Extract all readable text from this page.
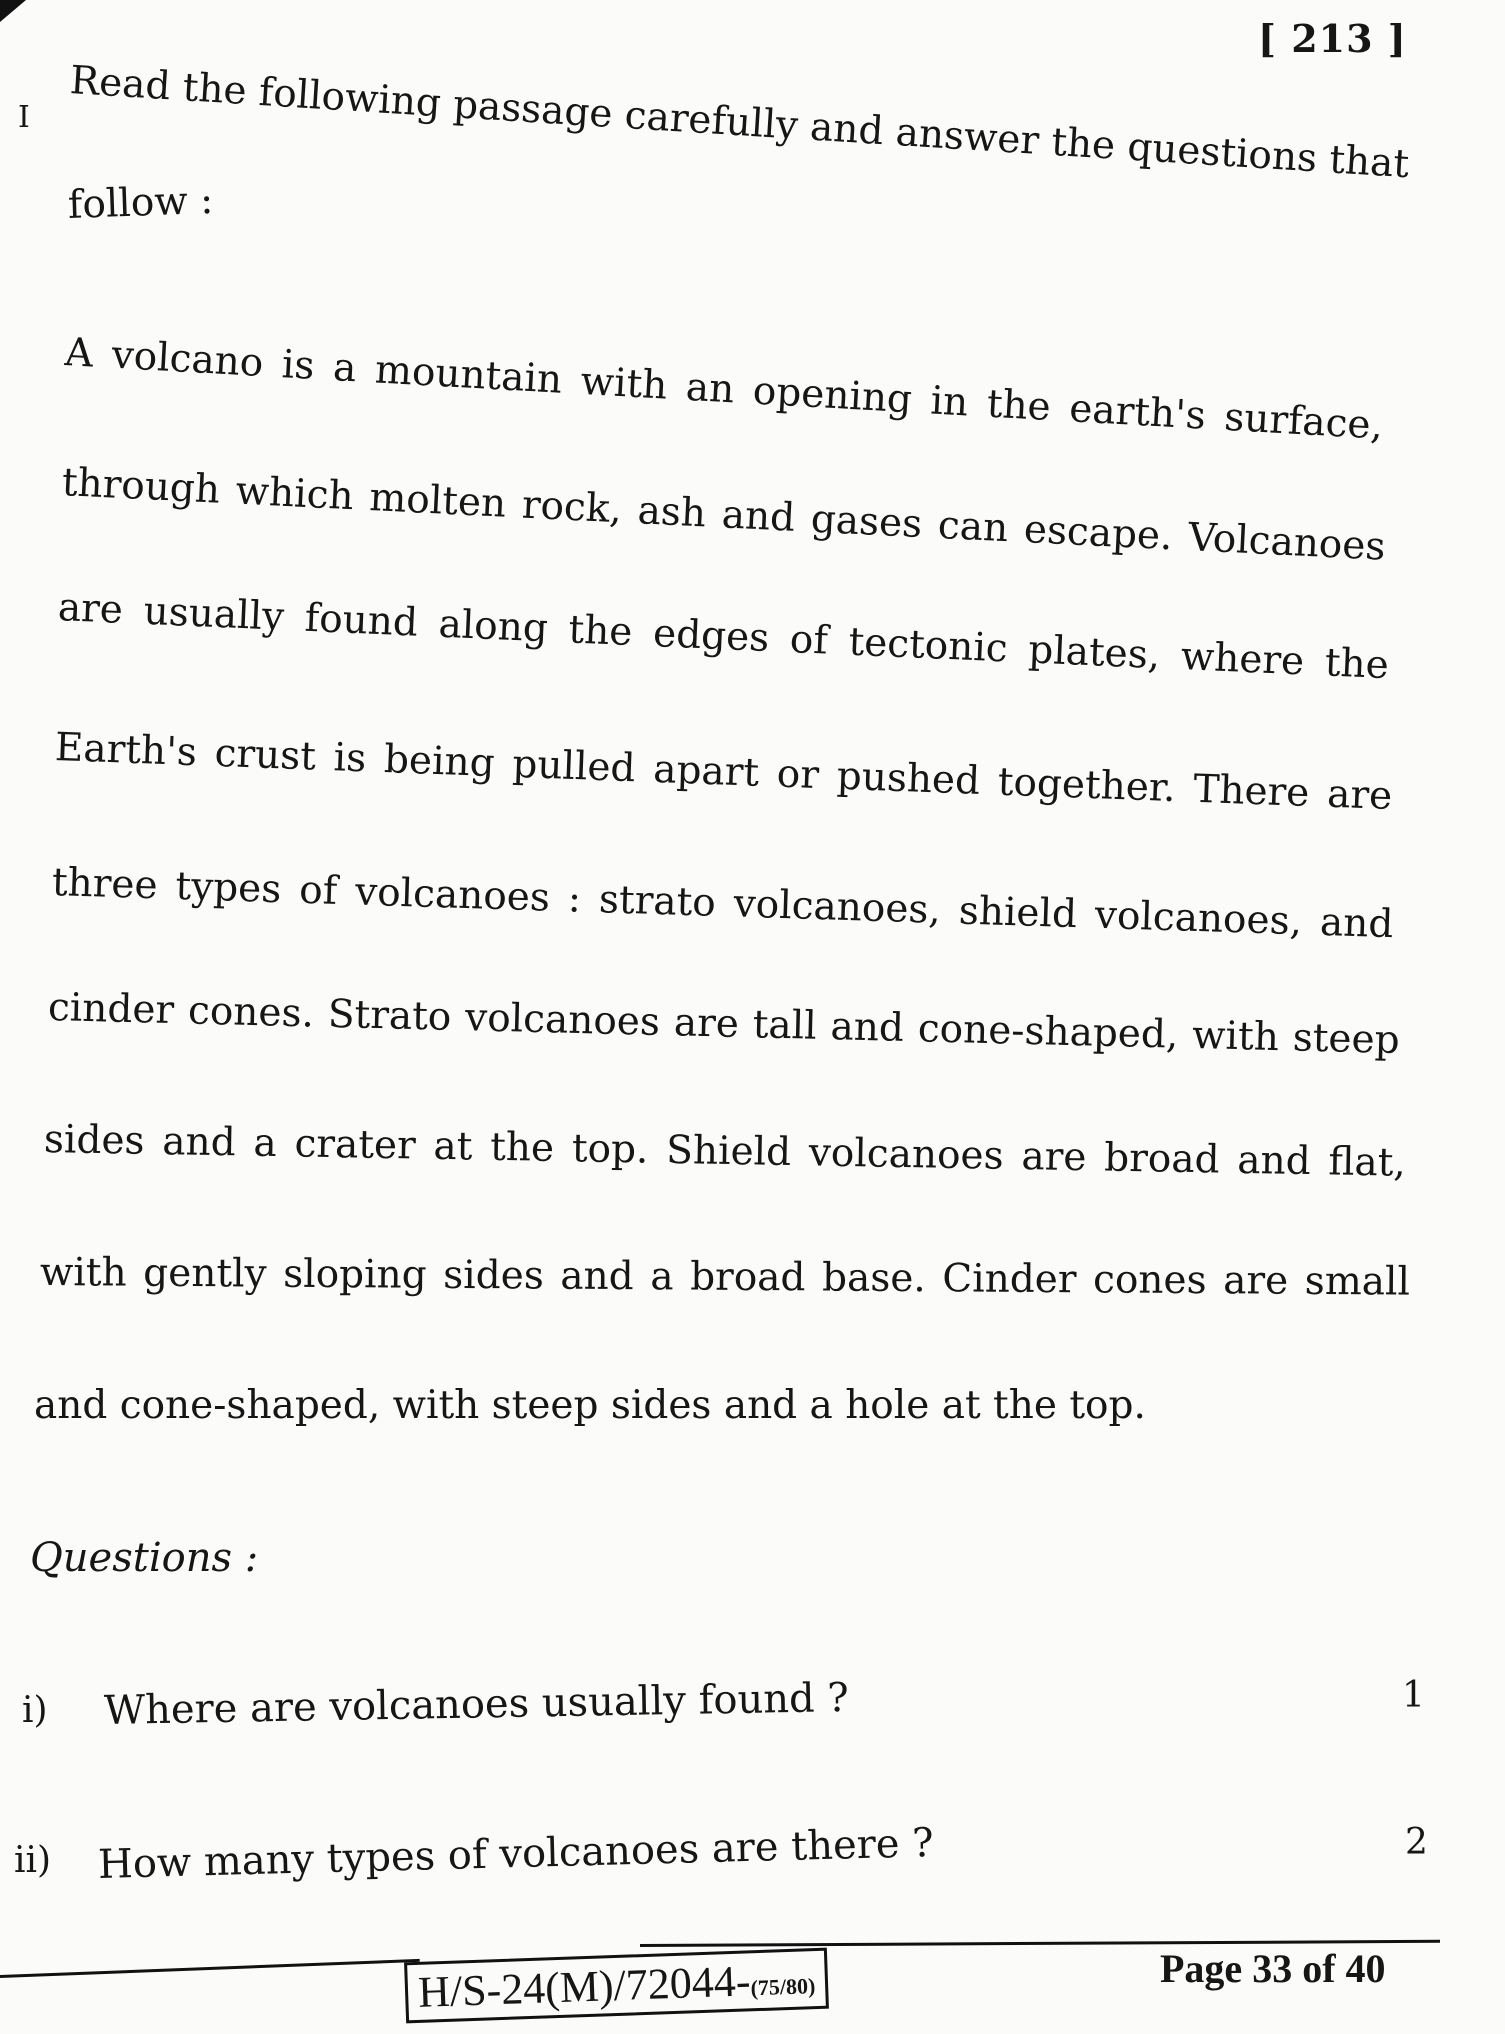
[ 213 ]
I Read the following passage carefully and answer the questions that
follow :
A volcano is a mountain with an opening in the earth's surface,
through which molten rock, ash and gases can escape. Volcanoes
are usually found along the edges of tectonic plates, where the
Earth's crust is being pulled apart or pushed together. There are
three types of volcanoes : strato volcanoes, shield volcanoes, and
cinder cones. Strato volcanoes are tall and cone-shaped, with steep
sides and a crater at the top. Shield volcanoes are broad and flat,
with gently sloping sides and a broad base. Cinder cones are small
and cone-shaped, with steep sides and a hole at the top.
Questions :
i) Where are volcanoes usually found ?	1
ii) How many types of volcanoes are there ?	2
H/S-24(M)/72044-(75/80)	Page 33 of 40
